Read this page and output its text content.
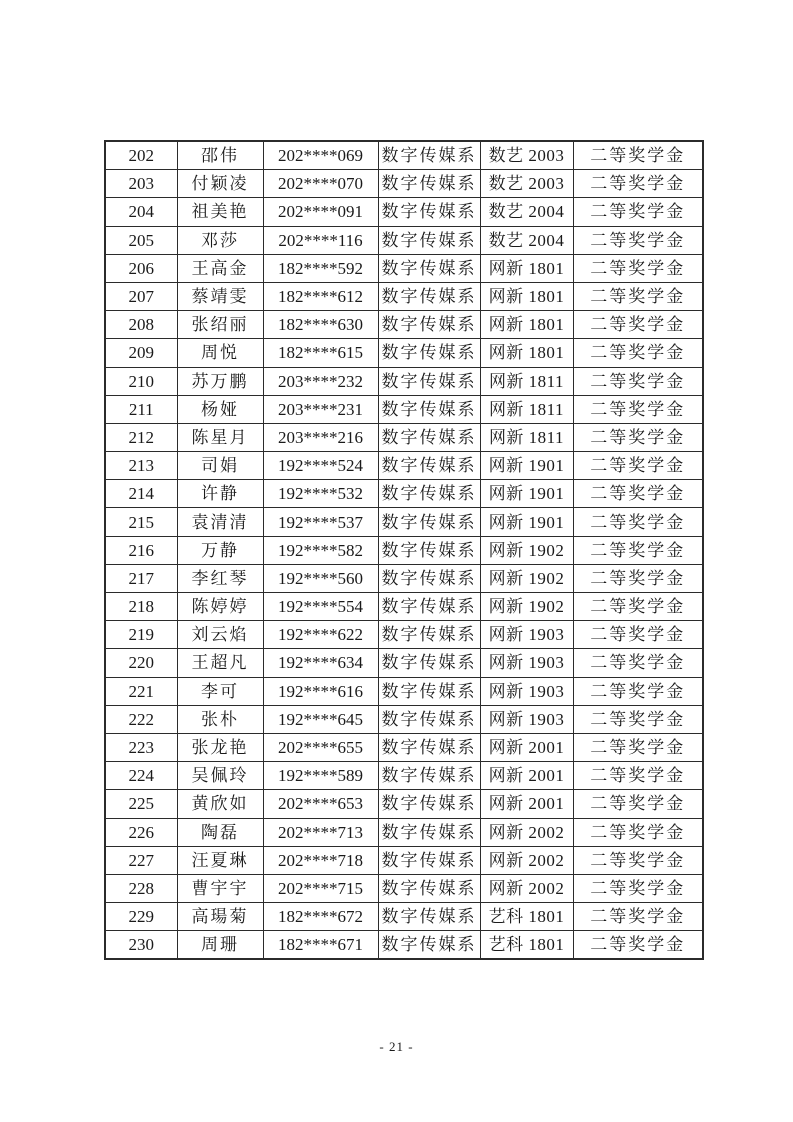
202	邵伟	202****069	数字传媒系	数艺 2003	二等奖学金
203	付颖凌	202****070	数字传媒系	数艺 2003	二等奖学金
204	祖美艳	202****091	数字传媒系	数艺 2004	二等奖学金
205	邓莎	202****116	数字传媒系	数艺 2004	二等奖学金
206	王高金	182****592	数字传媒系	网新 1801	二等奖学金
207	蔡靖雯	182****612	数字传媒系	网新 1801	二等奖学金
208	张绍丽	182****630	数字传媒系	网新 1801	二等奖学金
209	周悦	182****615	数字传媒系	网新 1801	二等奖学金
210	苏万鹏	203****232	数字传媒系	网新 1811	二等奖学金
211	杨娅	203****231	数字传媒系	网新 1811	二等奖学金
212	陈星月	203****216	数字传媒系	网新 1811	二等奖学金
213	司娟	192****524	数字传媒系	网新 1901	二等奖学金
214	许静	192****532	数字传媒系	网新 1901	二等奖学金
215	袁清清	192****537	数字传媒系	网新 1901	二等奖学金
216	万静	192****582	数字传媒系	网新 1902	二等奖学金
217	李红琴	192****560	数字传媒系	网新 1902	二等奖学金
218	陈婷婷	192****554	数字传媒系	网新 1902	二等奖学金
219	刘云焰	192****622	数字传媒系	网新 1903	二等奖学金
220	王超凡	192****634	数字传媒系	网新 1903	二等奖学金
221	李可	192****616	数字传媒系	网新 1903	二等奖学金
222	张朴	192****645	数字传媒系	网新 1903	二等奖学金
223	张龙艳	202****655	数字传媒系	网新 2001	二等奖学金
224	吴佩玲	192****589	数字传媒系	网新 2001	二等奖学金
225	黄欣如	202****653	数字传媒系	网新 2001	二等奖学金
226	陶磊	202****713	数字传媒系	网新 2002	二等奖学金
227	汪夏琳	202****718	数字传媒系	网新 2002	二等奖学金
228	曹宇宇	202****715	数字传媒系	网新 2002	二等奖学金
229	高瑒菊	182****672	数字传媒系	艺科 1801	二等奖学金
230	周珊	182****671	数字传媒系	艺科 1801	二等奖学金
- 21 -
